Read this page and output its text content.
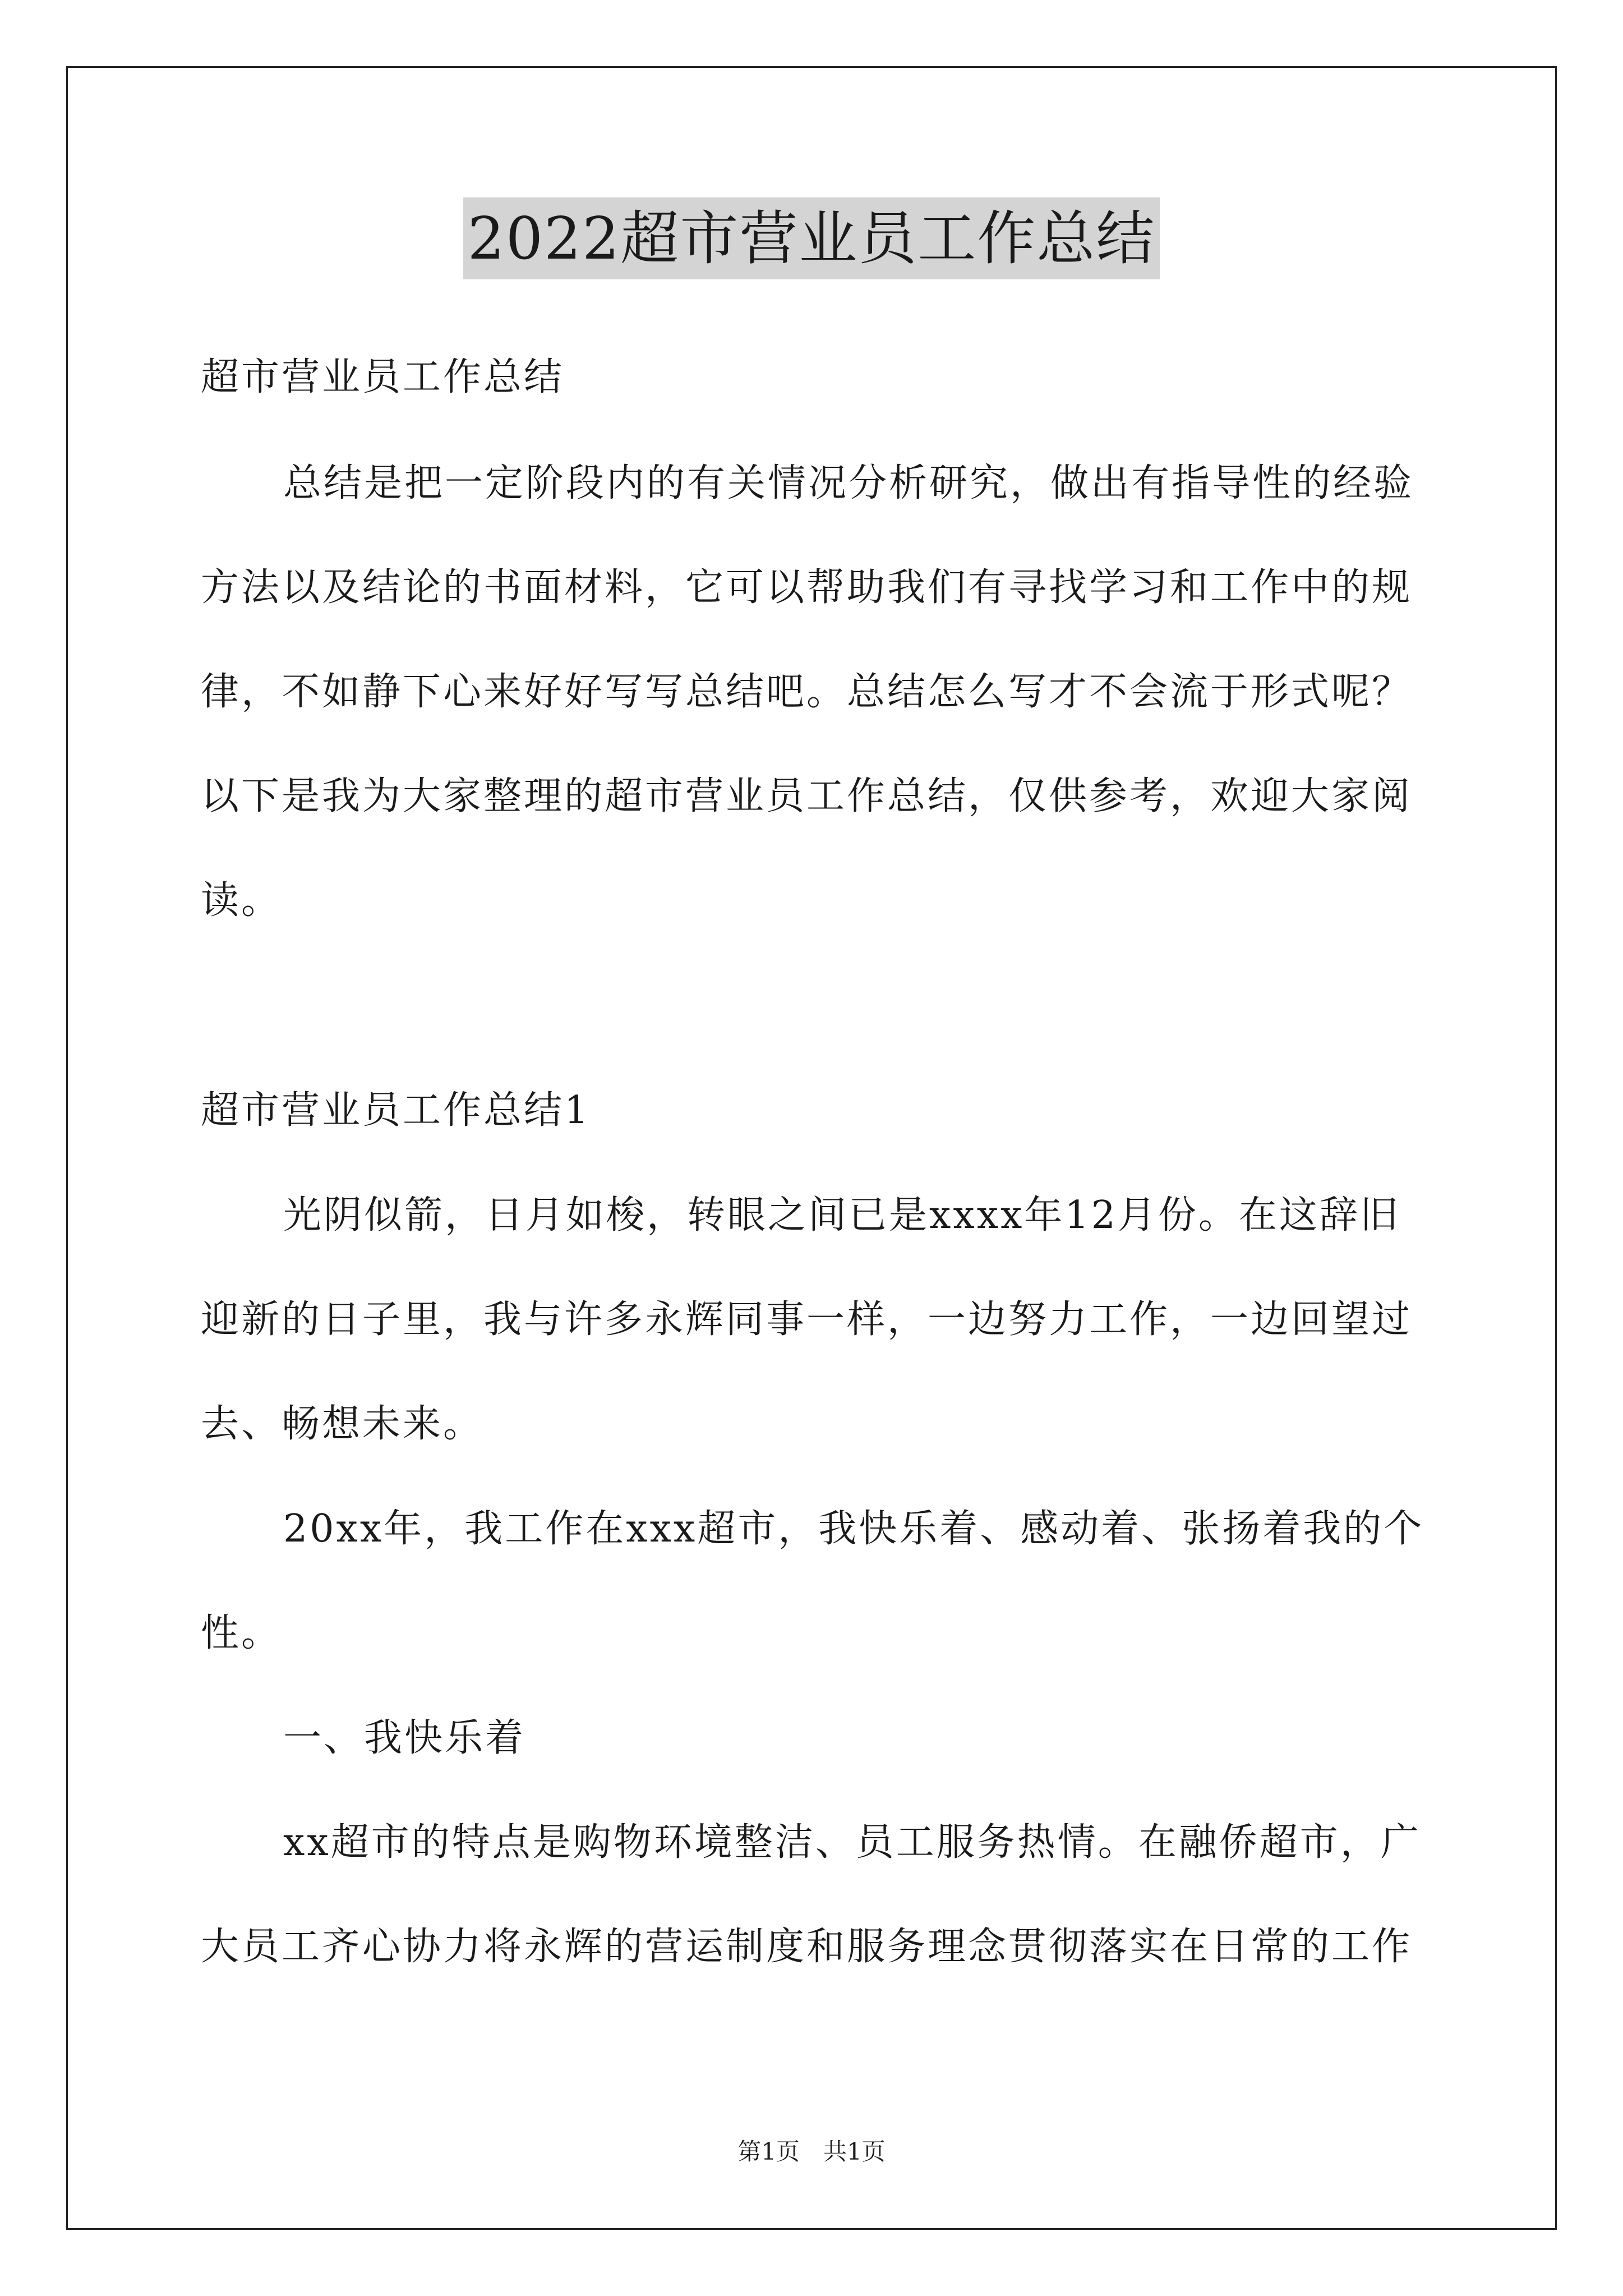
2022超市营业员工作总结
超市营业员工作总结
总结是把一定阶段内的有关情况分析研究，做出有指导性的经验
方法以及结论的书面材料，它可以帮助我们有寻找学习和工作中的规
律，不如静下心来好好写写总结吧。总结怎么写才不会流于形式呢？
以下是我为大家整理的超市营业员工作总结，仅供参考，欢迎大家阅
读。
超市营业员工作总结1
光阴似箭，日月如梭，转眼之间已是xxxx年12月份。在这辞旧
迎新的日子里，我与许多永辉同事一样，一边努力工作，一边回望过
去、畅想未来。
20xx年，我工作在xxx超市，我快乐着、感动着、张扬着我的个
性。
一、我快乐着
xx超市的特点是购物环境整洁、员工服务热情。在融侨超市，广
大员工齐心协力将永辉的营运制度和服务理念贯彻落实在日常的工作
第1页　共1页
